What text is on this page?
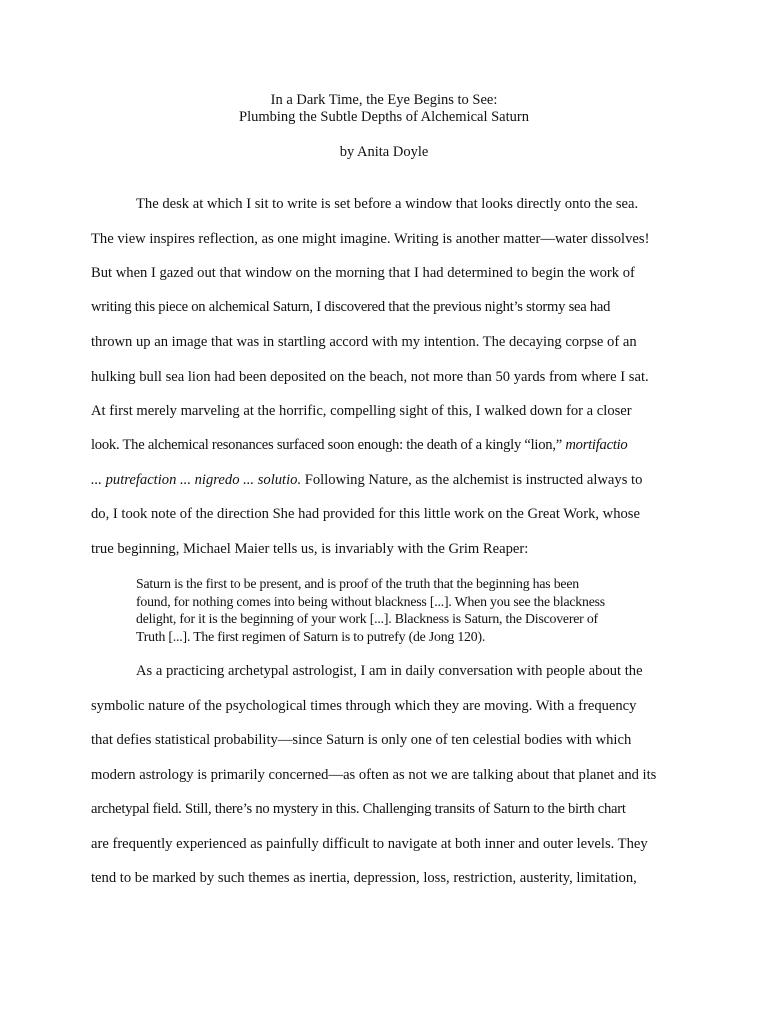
In a Dark Time, the Eye Begins to See:
Plumbing the Subtle Depths of Alchemical Saturn
by Anita Doyle
The desk at which I sit to write is set before a window that looks directly onto the sea.
The view inspires reflection, as one might imagine. Writing is another matter—water dissolves!
But when I gazed out that window on the morning that I had determined to begin the work of
writing this piece on alchemical Saturn, I discovered that the previous night’s stormy sea had
thrown up an image that was in startling accord with my intention. The decaying corpse of an
hulking bull sea lion had been deposited on the beach, not more than 50 yards from where I sat.
At first merely marveling at the horrific, compelling sight of this, I walked down for a closer
look. The alchemical resonances surfaced soon enough: the death of a kingly “lion,” mortifactio
... putrefaction ... nigredo ... solutio. Following Nature, as the alchemist is instructed always to
do, I took note of the direction She had provided for this little work on the Great Work, whose
true beginning, Michael Maier tells us, is invariably with the Grim Reaper:
Saturn is the first to be present, and is proof of the truth that the beginning has been
found, for nothing comes into being without blackness [...]. When you see the blackness
delight, for it is the beginning of your work [...]. Blackness is Saturn, the Discoverer of
Truth [...]. The first regimen of Saturn is to putrefy (de Jong 120).
As a practicing archetypal astrologist, I am in daily conversation with people about the
symbolic nature of the psychological times through which they are moving. With a frequency
that defies statistical probability—since Saturn is only one of ten celestial bodies with which
modern astrology is primarily concerned—as often as not we are talking about that planet and its
archetypal field. Still, there’s no mystery in this. Challenging transits of Saturn to the birth chart
are frequently experienced as painfully difficult to navigate at both inner and outer levels. They
tend to be marked by such themes as inertia, depression, loss, restriction, austerity, limitation,
